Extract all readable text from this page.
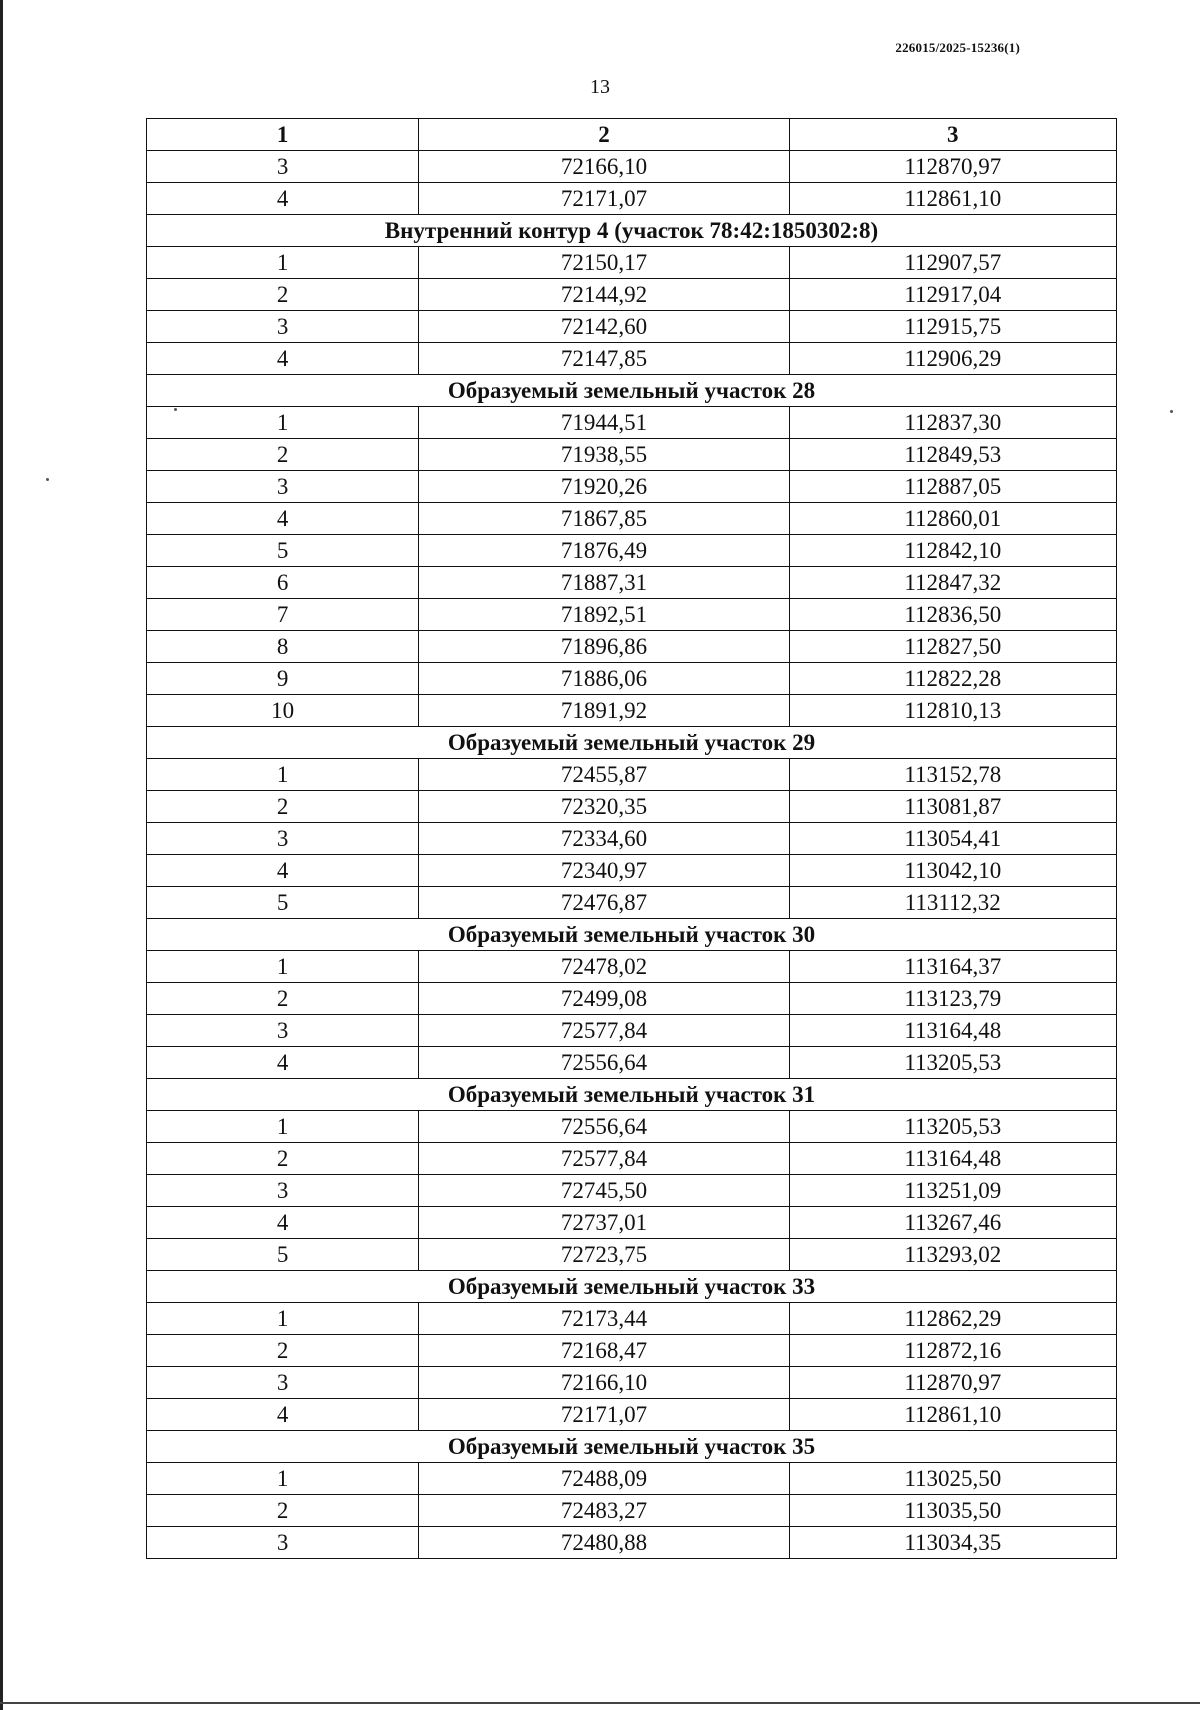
226015/2025-15236(1)
13
1	2	3
3	72166,10	112870,97
4	72171,07	112861,10
Внутренний контур 4 (участок 78:42:1850302:8)		
1	72150,17	112907,57
2	72144,92	112917,04
3	72142,60	112915,75
4	72147,85	112906,29
Образуемый земельный участок 28		
1	71944,51	112837,30
2	71938,55	112849,53
3	71920,26	112887,05
4	71867,85	112860,01
5	71876,49	112842,10
6	71887,31	112847,32
7	71892,51	112836,50
8	71896,86	112827,50
9	71886,06	112822,28
10	71891,92	112810,13
Образуемый земельный участок 29		
1	72455,87	113152,78
2	72320,35	113081,87
3	72334,60	113054,41
4	72340,97	113042,10
5	72476,87	113112,32
Образуемый земельный участок 30		
1	72478,02	113164,37
2	72499,08	113123,79
3	72577,84	113164,48
4	72556,64	113205,53
Образуемый земельный участок 31		
1	72556,64	113205,53
2	72577,84	113164,48
3	72745,50	113251,09
4	72737,01	113267,46
5	72723,75	113293,02
Образуемый земельный участок 33		
1	72173,44	112862,29
2	72168,47	112872,16
3	72166,10	112870,97
4	72171,07	112861,10
Образуемый земельный участок 35		
1	72488,09	113025,50
2	72483,27	113035,50
3	72480,88	113034,35
